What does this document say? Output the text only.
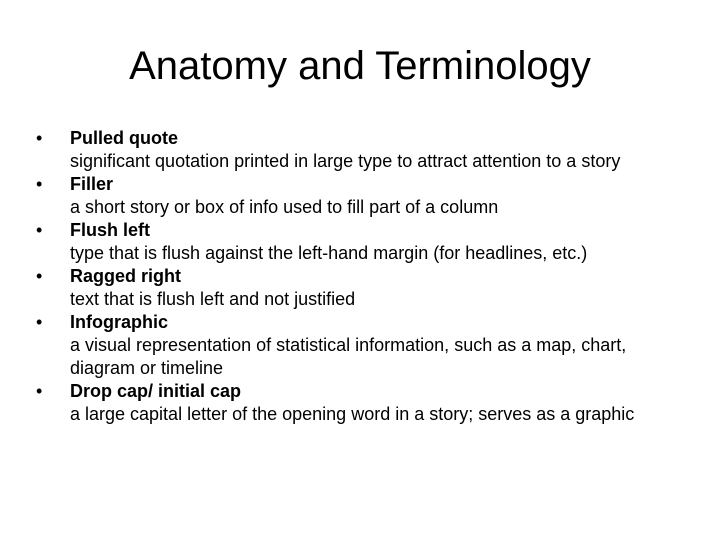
Anatomy and Terminology
• Pulled quote
significant quotation printed in large type to attract attention to a story
• Filler
a short story or box of info used to fill part of a column
• Flush left
type that is flush against the left-hand margin (for headlines, etc.)
• Ragged right
text that is flush left and not justified
• Infographic
a visual representation of statistical information, such as a map, chart, diagram or timeline
• Drop cap/ initial cap
a large capital letter of the opening word in a story; serves as a graphic
